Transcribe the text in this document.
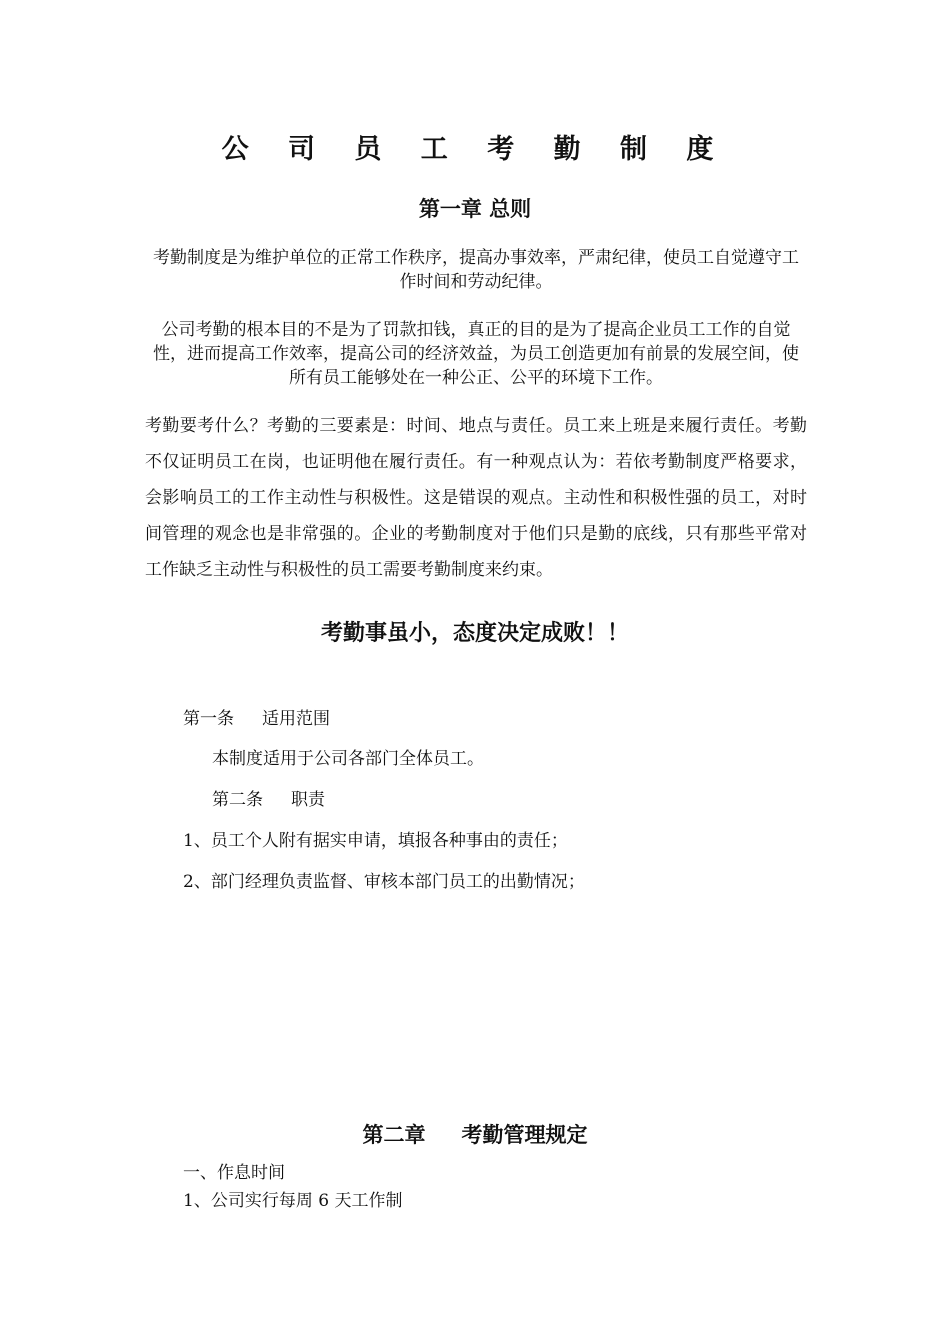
公 司 员 工 考 勤 制 度
第一章 总则

考勤制度是为维护单位的正常工作秩序，提高办事效率，严肃纪律，使员工自觉遵守工作时间和劳动纪律。

公司考勤的根本目的不是为了罚款扣钱，真正的目的是为了提高企业员工工作的自觉性，进而提高工作效率，提高公司的经济效益，为员工创造更加有前景的发展空间，使所有员工能够处在一种公正、公平的环境下工作。

考勤要考什么？考勤的三要素是：时间、地点与责任。员工来上班是来履行责任。考勤不仅证明员工在岗，也证明他在履行责任。有一种观点认为：若依考勤制度严格要求，会影响员工的工作主动性与积极性。这是错误的观点。主动性和积极性强的员工，对时间管理的观念也是非常强的。企业的考勤制度对于他们只是勤的底线，只有那些平常对工作缺乏主动性与积极性的员工需要考勤制度来约束。

考勤事虽小，态度决定成败！！
第一条 适用范围
本制度适用于公司各部门全体员工。
第二条 职责
1、员工个人附有据实申请，填报各种事由的责任；
2、部门经理负责监督、审核本部门员工的出勤情况；
第二章 考勤管理规定
一、作息时间
1、公司实行每周 6 天工作制
